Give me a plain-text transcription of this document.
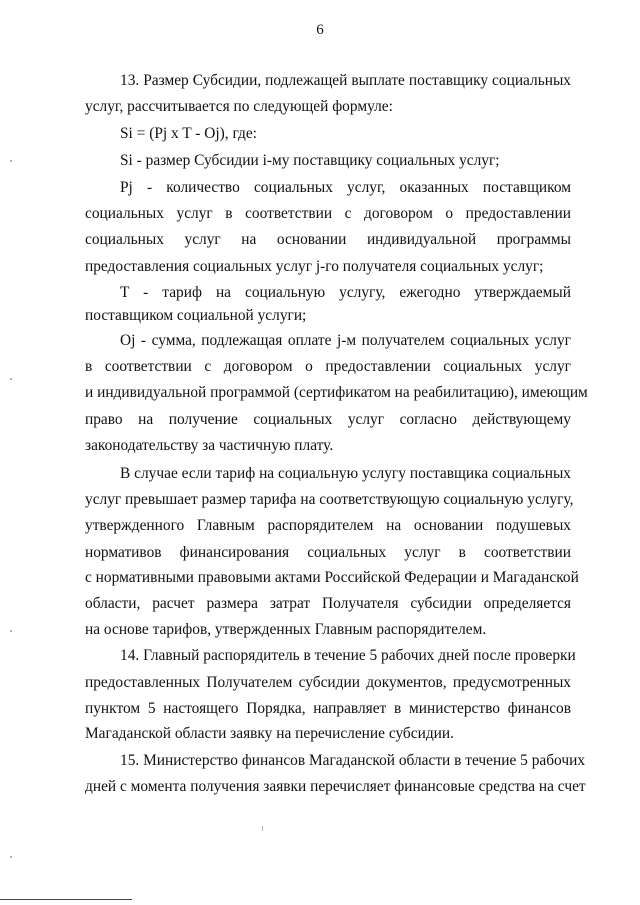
6
13. Размер Субсидии, подлежащей выплате поставщику социальных
услуг, рассчитывается по следующей формуле:
Si = (Pj x T - Oj), где:
Si - размер Субсидии i-му поставщику социальных услуг;
Pj - количество социальных услуг, оказанных поставщиком
социальных услуг в соответствии с договором о предоставлении
социальных услуг на основании индивидуальной программы
предоставления социальных услуг j-го получателя социальных услуг;
T - тариф на социальную услугу, ежегодно утверждаемый
поставщиком социальной услуги;
Oj - сумма, подлежащая оплате j-м получателем социальных услуг
в соответствии с договором о предоставлении социальных услуг
и индивидуальной программой (сертификатом на реабилитацию), имеющим
право на получение социальных услуг согласно действующему
законодательству за частичную плату.
В случае если тариф на социальную услугу поставщика социальных
услуг превышает размер тарифа на соответствующую социальную услугу,
утвержденного Главным распорядителем на основании подушевых
нормативов финансирования социальных услуг в соответствии
с нормативными правовыми актами Российской Федерации и Магаданской
области, расчет размера затрат Получателя субсидии определяется
на основе тарифов, утвержденных Главным распорядителем.
14. Главный распорядитель в течение 5 рабочих дней после проверки
предоставленных Получателем субсидии документов, предусмотренных
пунктом 5 настоящего Порядка, направляет в министерство финансов
Магаданской области заявку на перечисление субсидии.
15. Министерство финансов Магаданской области в течение 5 рабочих
дней с момента получения заявки перечисляет финансовые средства на счет
